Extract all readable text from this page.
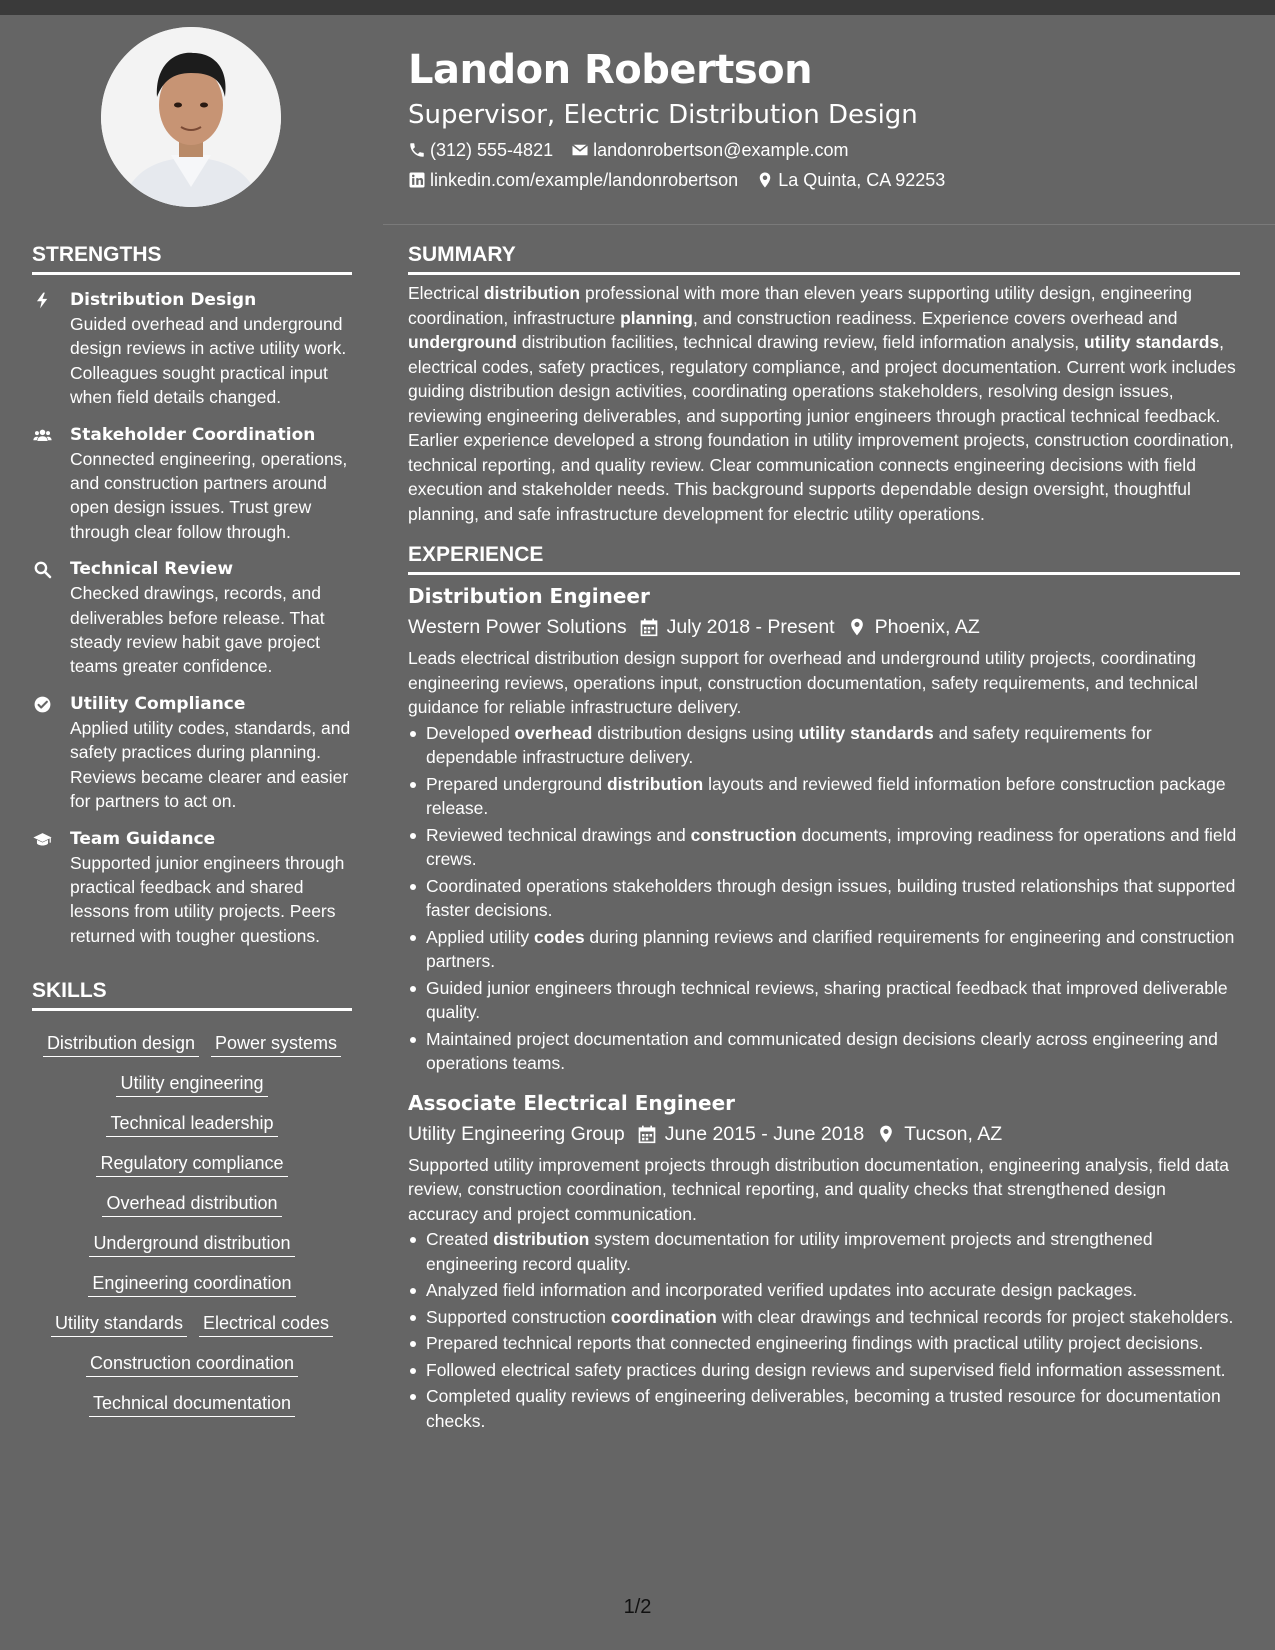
Landon Robertson
Supervisor, Electric Distribution Design
(312) 555-4821 landonrobertson@example.com
linkedin.com/example/landonrobertson La Quinta, CA 92253
STRENGTHS
Distribution Design
Guided overhead and underground design reviews in active utility work. Colleagues sought practical input when field details changed.
Stakeholder Coordination
Connected engineering, operations, and construction partners around open design issues. Trust grew through clear follow through.
Technical Review
Checked drawings, records, and deliverables before release. That steady review habit gave project teams greater confidence.
Utility Compliance
Applied utility codes, standards, and safety practices during planning. Reviews became clearer and easier for partners to act on.
Team Guidance
Supported junior engineers through practical feedback and shared lessons from utility projects. Peers returned with tougher questions.
SKILLS
Distribution design Power systems
Utility engineering
Technical leadership
Regulatory compliance
Overhead distribution
Underground distribution
Engineering coordination
Utility standards Electrical codes
Construction coordination
Technical documentation
SUMMARY

Electrical distribution professional with more than eleven years supporting utility design, engineering coordination, infrastructure planning, and construction readiness. Experience covers overhead and underground distribution facilities, technical drawing review, field information analysis, utility standards, electrical codes, safety practices, regulatory compliance, and project documentation. Current work includes guiding distribution design activities, coordinating operations stakeholders, resolving design issues, reviewing engineering deliverables, and supporting junior engineers through practical technical feedback. Earlier experience developed a strong foundation in utility improvement projects, construction coordination, technical reporting, and quality review. Clear communication connects engineering decisions with field execution and stakeholder needs. This background supports dependable design oversight, thoughtful planning, and safe infrastructure development for electric utility operations.

EXPERIENCE
Distribution Engineer
Western Power Solutions July 2018 - Present Phoenix, AZ
Leads electrical distribution design support for overhead and underground utility projects, coordinating engineering reviews, operations input, construction documentation, safety requirements, and technical guidance for reliable infrastructure delivery.
Developed overhead distribution designs using utility standards and safety requirements for dependable infrastructure delivery.
Prepared underground distribution layouts and reviewed field information before construction package release.
Reviewed technical drawings and construction documents, improving readiness for operations and field crews.
Coordinated operations stakeholders through design issues, building trusted relationships that supported faster decisions.
Applied utility codes during planning reviews and clarified requirements for engineering and construction partners.
Guided junior engineers through technical reviews, sharing practical feedback that improved deliverable quality.
Maintained project documentation and communicated design decisions clearly across engineering and operations teams.
Associate Electrical Engineer
Utility Engineering Group June 2015 - June 2018 Tucson, AZ
Supported utility improvement projects through distribution documentation, engineering analysis, field data review, construction coordination, technical reporting, and quality checks that strengthened design accuracy and project communication.
Created distribution system documentation for utility improvement projects and strengthened engineering record quality.
Analyzed field information and incorporated verified updates into accurate design packages.
Supported construction coordination with clear drawings and technical records for project stakeholders.
Prepared technical reports that connected engineering findings with practical utility project decisions.
Followed electrical safety practices during design reviews and supervised field information assessment.
Completed quality reviews of engineering deliverables, becoming a trusted resource for documentation checks.
1/2
